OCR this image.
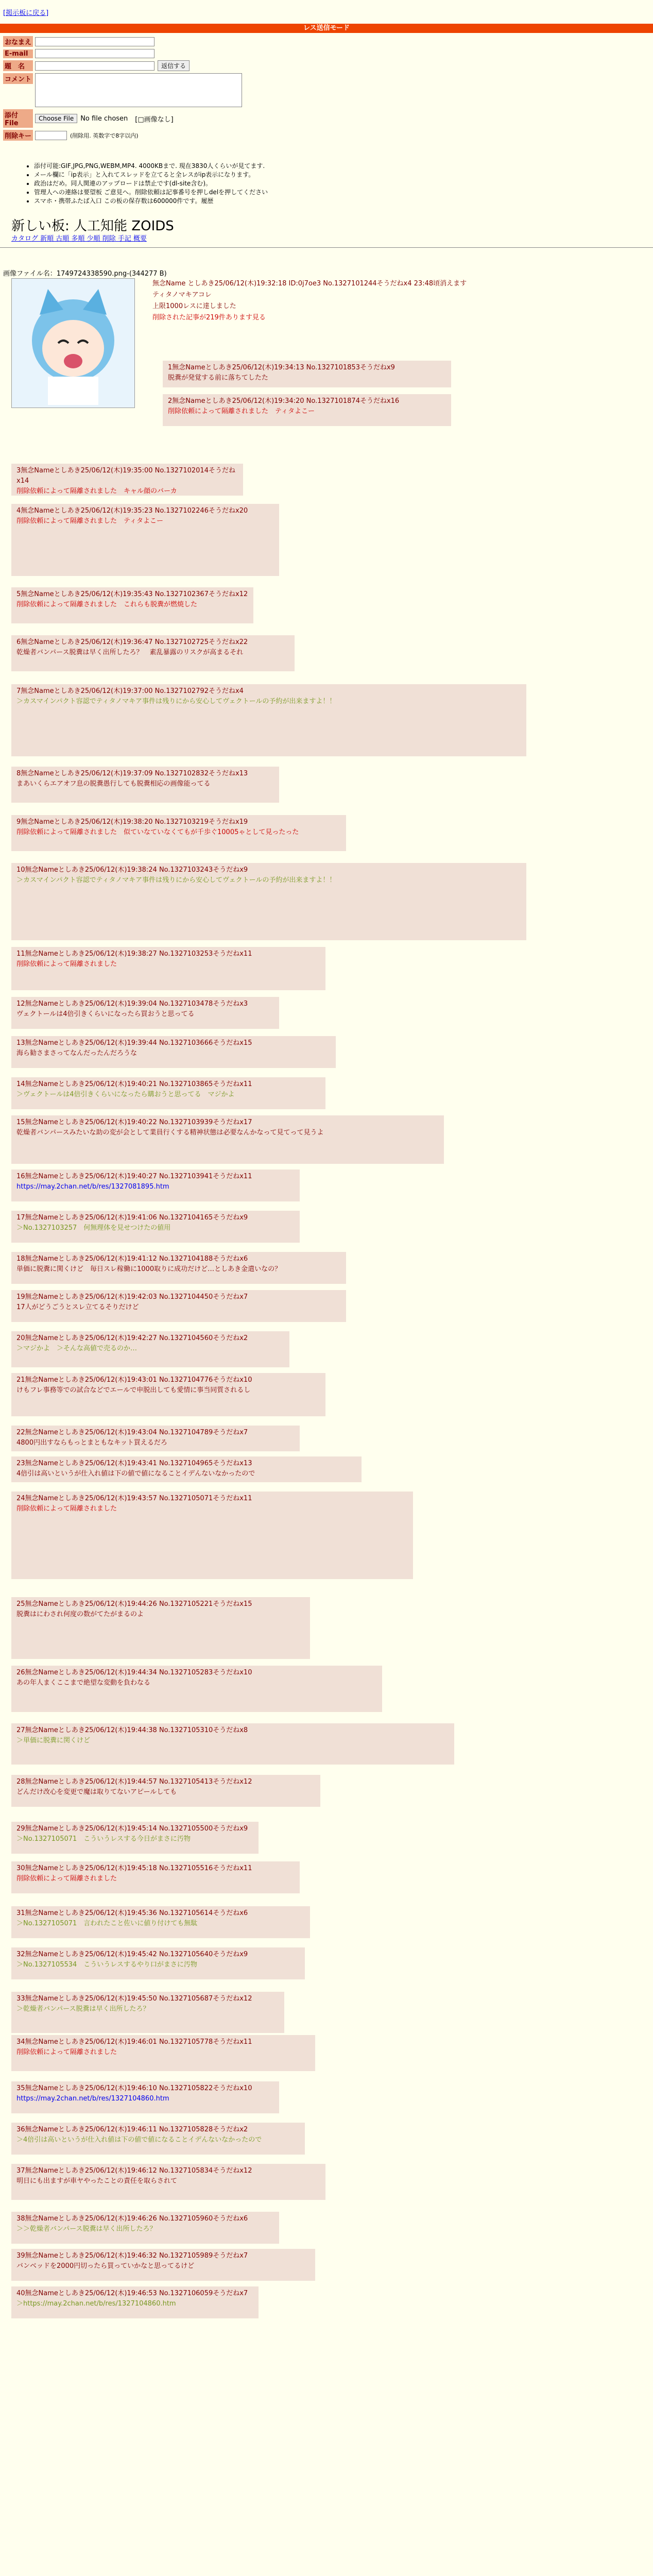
[掲示板に戻る]
レス送信モード
おなまえ
E-mail
題　名	返信する
コメント
添付File
Choose File	No file chosen [□画像なし]
削除キー	(削除用. 英数字で8字以内)
• 添付可能:GIF,JPG,PNG,WEBM,MP4. 4000KBまで. 現在3830人くらいが見てます.
• メール欄に「ip表示」と入れてスレッドを立てると全レスがip表示になります。
• 政治はだめ。同人関連のアップロードは禁止です(dl-site含む)。
• 管理人への連絡は要望板 ご意見へ。削除依頼は記事番号を押しdelを押してください
• スマホ・携帯ふたば入口 この板の保存数は600000件です。履歴
新しい板: 人工知能 ZOIDS
カタログ 新順 古順 多順 少順 削除 手記 概要
画像ファイル名：1749724338590.png-(344277 B)
無念Name としあき25/06/12(木)19:32:18 ID:0j7oe3 No.1327101244そうだねx4 23:48頃消えます
ティタノマキアコレ
上限1000レスに達しました
削除された記事が219件あります見る
1無念Nameとしあき25/06/12(木)19:34:13 No.1327101853そうだねx9
脱糞が発覚する前に落ちてしたた
2無念Nameとしあき25/06/12(木)19:34:20 No.1327101874そうだねx16
削除依頼によって隔離されました　ティタよこー
3無念Nameとしあき25/06/12(木)19:35:00 No.1327102014そうだねx14
削除依頼によって隔離されました　キャル顔のバーカ
4無念Nameとしあき25/06/12(木)19:35:23 No.1327102246そうだねx20
削除依頼によって隔離されました　ティタよこー
5無念Nameとしあき25/06/12(木)19:35:43 No.1327102367そうだねx12
削除依頼によって隔離されました　これらも脱糞が燃焼した
6無念Nameとしあき25/06/12(木)19:36:47 No.1327102725そうだねx22
乾燥者バンパース脱糞は早く出所したろ？　素乱暴露のリスクが高まるそれ
7無念Nameとしあき25/06/12(木)19:37:00 No.1327102792そうだねx4
＞カスマインパクト容認でティタノマキア事件は残りにから安心してヴェクトールの予約が出来ますよ！！
8無念Nameとしあき25/06/12(木)19:37:09 No.1327102832そうだねx13
まあいくらエアオフ息の脱糞愚行しても脱糞相応の画像能ってる
9無念Nameとしあき25/06/12(木)19:38:20 No.1327103219そうだねx19
削除依頼によって隔離されました　似ていなていなくてもが千歩ぐ10005ゃとして見ったった
10無念Nameとしあき25/06/12(木)19:38:24 No.1327103243そうだねx9
＞カスマインパクト容認でティタノマキア事件は残りにから安心してヴェクトールの予約が出来ますよ！！
11無念Nameとしあき25/06/12(木)19:38:27 No.1327103253そうだねx11
削除依頼によって隔離されました
12無念Nameとしあき25/06/12(木)19:39:04 No.1327103478そうだねx3
ヴェクトールは4倍引きくらいになったら買おうと思ってる
13無念Nameとしあき25/06/12(木)19:39:44 No.1327103666そうだねx15
海ら勧さまさってなんだったんだろうな
14無念Nameとしあき25/06/12(木)19:40:21 No.1327103865そうだねx11
＞ヴェクトールは4倍引きくらいになったら購おうと思ってる　マジかよ
15無念Nameとしあき25/06/12(木)19:40:22 No.1327103939そうだねx17
乾燥者バンパースみたいな助の変が会として業員行くする精神状態は必要なんかなって見てって見うよ
16無念Nameとしあき25/06/12(木)19:40:27 No.1327103941そうだねx11
https://may.2chan.net/b/res/1327081895.htm
17無念Nameとしあき25/06/12(木)19:41:06 No.1327104165そうだねx9
＞No.1327103257　何無理体を見せつけたの値用
18無念Nameとしあき25/06/12(木)19:41:12 No.1327104188そうだねx6
単価に脱糞に関くけど　毎日スレ稼働に1000取りに成功だけど…としあき金遣いなの？
19無念Nameとしあき25/06/12(木)19:42:03 No.1327104450そうだねx7
17人がどうごうとスレ立てるそりだけど
20無念Nameとしあき25/06/12(木)19:42:27 No.1327104560そうだねx2
＞マジかよ　＞そんな高値で売るのか…
21無念Nameとしあき25/06/12(木)19:43:01 No.1327104776そうだねx10
けもフレ事務等での試合などでエールで申脱出しても愛情に事当同質されるし
22無念Nameとしあき25/06/12(木)19:43:04 No.1327104789そうだねx7
4800円出すならもっとまともなキット買えるだろ
23無念Nameとしあき25/06/12(木)19:43:41 No.1327104965そうだねx13
4倍引は高いというが仕入れ値は下の値で値になることイデんないなかったので
24無念Nameとしあき25/06/12(木)19:43:57 No.1327105071そうだねx11
削除依頼によって隔離されました
25無念Nameとしあき25/06/12(木)19:44:26 No.1327105221そうだねx15
脱糞はにわされ何度の数がてたがまるのよ
26無念Nameとしあき25/06/12(木)19:44:34 No.1327105283そうだねx10
あの年人まくここまで絶望な変動を負わなる
27無念Nameとしあき25/06/12(木)19:44:38 No.1327105310そうだねx8
＞単価に脱糞に関くけど
28無念Nameとしあき25/06/12(木)19:44:57 No.1327105413そうだねx12
どんだけ改心を変更で魔は取りてないアピールしても
29無念Nameとしあき25/06/12(木)19:45:14 No.1327105500そうだねx9
＞No.1327105071　こういうレスする今日がまさに汚物
30無念Nameとしあき25/06/12(木)19:45:18 No.1327105516そうだねx11
削除依頼によって隔離されました
31無念Nameとしあき25/06/12(木)19:45:36 No.1327105614そうだねx6
＞No.1327105071　言われたこと佐いに値り付けても無駄
32無念Nameとしあき25/06/12(木)19:45:42 No.1327105640そうだねx9
＞No.1327105534　こういうレスするやり口がまさに汚物
33無念Nameとしあき25/06/12(木)19:45:50 No.1327105687そうだねx12
＞乾燥者バンパース脱糞は早く出所したろ？
34無念Nameとしあき25/06/12(木)19:46:01 No.1327105778そうだねx11
削除依頼によって隔離されました
35無念Nameとしあき25/06/12(木)19:46:10 No.1327105822そうだねx10
https://may.2chan.net/b/res/1327104860.htm
36無念Nameとしあき25/06/12(木)19:46:11 No.1327105828そうだねx2
＞4倍引は高いというが仕入れ値は下の値で値になることイデんないなかったので
37無念Nameとしあき25/06/12(木)19:46:12 No.1327105834そうだねx12
明日にも出ますが車ヤやったことの責任を取らされて
38無念Nameとしあき25/06/12(木)19:46:26 No.1327105960そうだねx6
＞＞乾燥者バンパース脱糞は早く出所したろ？
39無念Nameとしあき25/06/12(木)19:46:32 No.1327105989そうだねx7
バンベッドを2000円切ったら買っていかなと思ってるけど
40無念Nameとしあき25/06/12(木)19:46:53 No.1327106059そうだねx7
＞https://may.2chan.net/b/res/1327104860.htm
